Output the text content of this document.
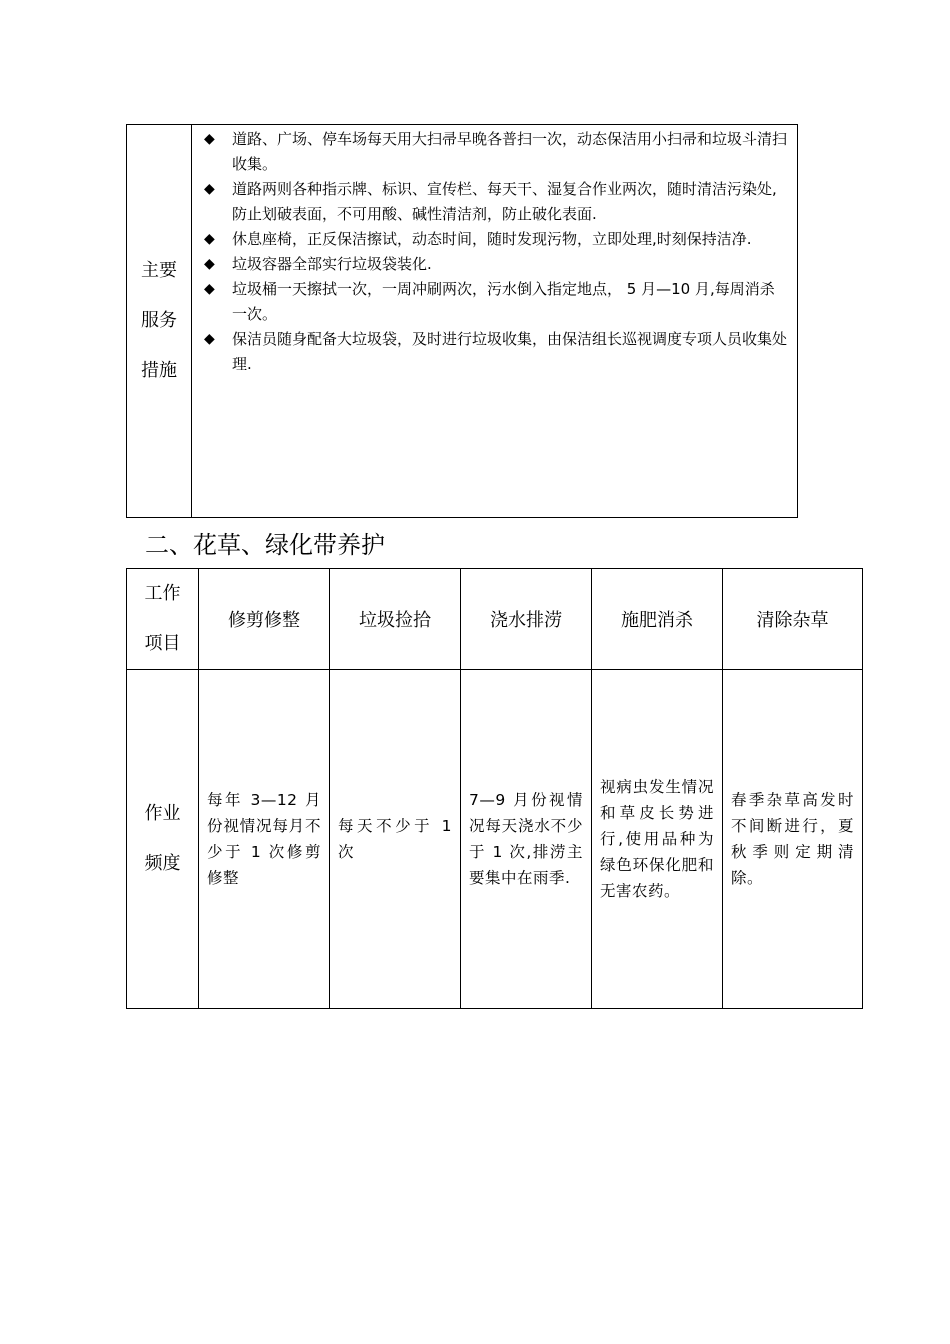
主要
服务
措施

◆	道路、广场、停车场每天用大扫帚早晚各普扫一次，动态保洁用小扫帚和垃圾斗清扫收集。
◆	道路两则各种指示牌、标识、宣传栏、每天干、湿复合作业两次，随时清洁污染处,防止划破表面，不可用酸、碱性清洁剂，防止破化表面.
◆	休息座椅，正反保洁擦试，动态时间，随时发现污物，立即处理,时刻保持洁净.
◆	垃圾容器全部实行垃圾袋装化.
◆	垃圾桶一天擦拭一次，一周冲刷两次，污水倒入指定地点， 5 月—10 月,每周消杀一次。
◆	保洁员随身配备大垃圾袋，及时进行垃圾收集，由保洁组长巡视调度专项人员收集处理.
二、花草、绿化带养护
工作
项目	修剪修整	垃圾捡拾	浇水排涝	施肥消杀	清除杂草

作业
频度	每年 3—12 月份视情况每月不少于 1 次修剪修整	每天不少于 1 次	7—9 月份视情况每天浇水不少于 1 次,排涝主要集中在雨季.	视病虫发生情况和草皮长势进行,使用品种为绿色环保化肥和无害农药。	春季杂草高发时不间断进行，夏秋季则定期清除。
